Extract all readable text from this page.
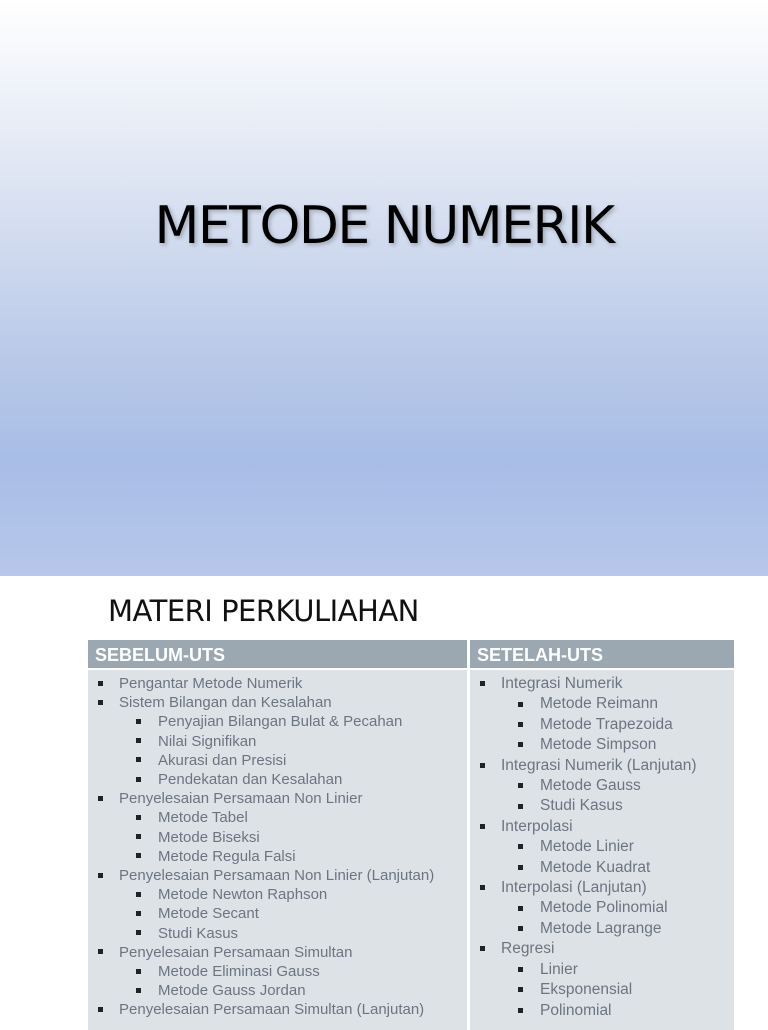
METODE NUMERIK
MATERI PERKULIAHAN
SEBELUM-UTS
Pengantar Metode Numerik
Sistem Bilangan dan Kesalahan
Penyajian Bilangan Bulat & Pecahan
Nilai Signifikan
Akurasi dan Presisi
Pendekatan dan Kesalahan
Penyelesaian Persamaan Non Linier
Metode Tabel
Metode Biseksi
Metode Regula Falsi
Penyelesaian Persamaan Non Linier (Lanjutan)
Metode Newton Raphson
Metode Secant
Studi Kasus
Penyelesaian Persamaan Simultan
Metode Eliminasi Gauss
Metode Gauss Jordan
Penyelesaian Persamaan Simultan (Lanjutan)
SETELAH-UTS
Integrasi Numerik
Metode Reimann
Metode Trapezoida
Metode Simpson
Integrasi Numerik (Lanjutan)
Metode Gauss
Studi Kasus
Interpolasi
Metode Linier
Metode Kuadrat
Interpolasi (Lanjutan)
Metode Polinomial
Metode Lagrange
Regresi
Linier
Eksponensial
Polinomial
